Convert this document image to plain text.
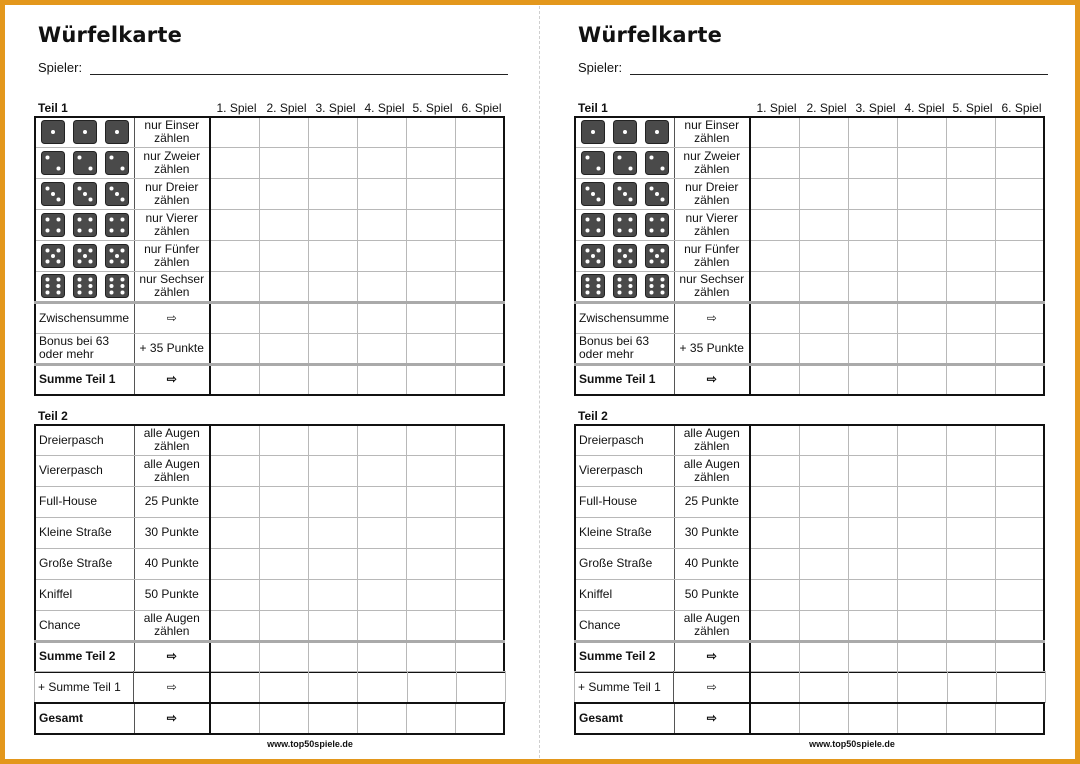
Würfelkarte
Spieler:
Teil 1	1. Spiel 2. Spiel 3. Spiel 4. Spiel 5. Spiel 6. Spiel
	nur Einser
zählen						

	nur Zweier
zählen						

	nur Dreier
zählen						

	nur Vierer
zählen						

	nur Fünfer
zählen						

	nur Sechser
zählen						
Zwischensumme	⇨						
Bonus bei 63
oder mehr	+ 35 Punkte						
Summe Teil 1	⇨						
Teil 2
Dreierpasch	alle Augen
zählen						
Viererpasch	alle Augen
zählen						
Full-House	25 Punkte						
Kleine Straße	30 Punkte						
Große Straße	40 Punkte						
Kniffel	50 Punkte						
Chance	alle Augen
zählen						
Summe Teil 2	⇨						
+ Summe Teil 1	⇨						
Gesamt	⇨						
www.top50spiele.de
Würfelkarte
Spieler:
Teil 1	1. Spiel 2. Spiel 3. Spiel 4. Spiel 5. Spiel 6. Spiel
	nur Einser
zählen						

	nur Zweier
zählen						

	nur Dreier
zählen						

	nur Vierer
zählen						

	nur Fünfer
zählen						

	nur Sechser
zählen						
Zwischensumme	⇨						
Bonus bei 63
oder mehr	+ 35 Punkte						
Summe Teil 1	⇨						
Teil 2
Dreierpasch	alle Augen
zählen						
Viererpasch	alle Augen
zählen						
Full-House	25 Punkte						
Kleine Straße	30 Punkte						
Große Straße	40 Punkte						
Kniffel	50 Punkte						
Chance	alle Augen
zählen						
Summe Teil 2	⇨						
+ Summe Teil 1	⇨						
Gesamt	⇨						
www.top50spiele.de
